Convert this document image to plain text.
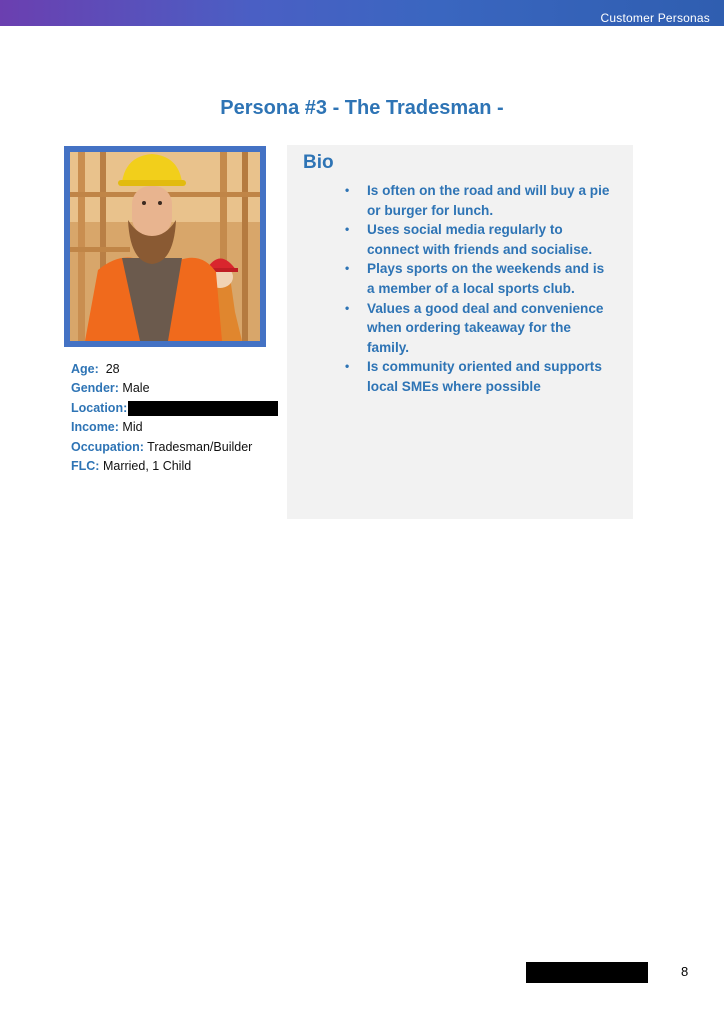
Customer Personas
Persona #3 - The Tradesman -
Age: 28
Gender: Male
Location:
Income: Mid
Occupation: Tradesman/Builder
FLC: Married, 1 Child
Bio
• Is often on the road and will buy a pie or burger for lunch.
• Uses social media regularly to connect with friends and socialise.
• Plays sports on the weekends and is a member of a local sports club.
• Values a good deal and convenience when ordering takeaway for the family.
• Is community oriented and supports local SMEs where possible
8
